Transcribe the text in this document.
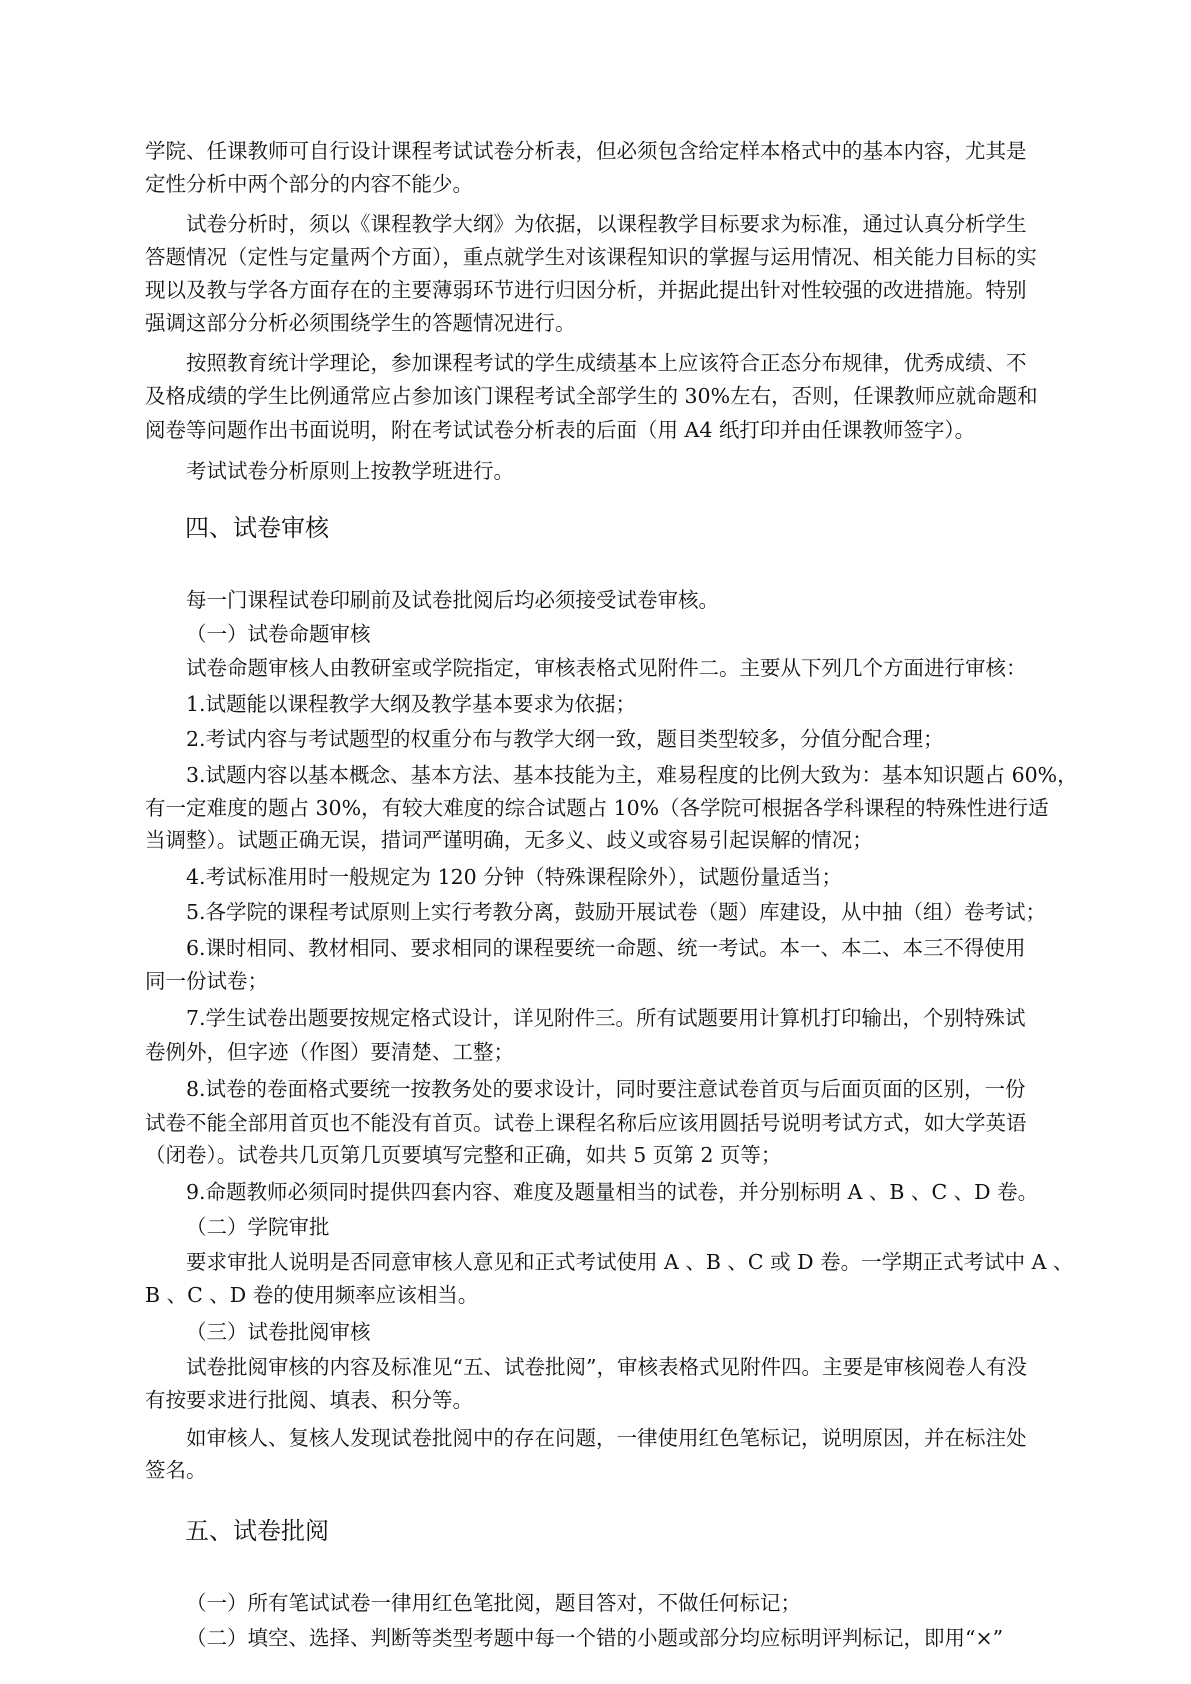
学院、任课教师可自行设计课程考试试卷分析表，但必须包含给定样本格式中的基本内容，尤其是
定性分析中两个部分的内容不能少。
试卷分析时，须以《课程教学大纲》为依据，以课程教学目标要求为标准，通过认真分析学生
答题情况（定性与定量两个方面），重点就学生对该课程知识的掌握与运用情况、相关能力目标的实
现以及教与学各方面存在的主要薄弱环节进行归因分析，并据此提出针对性较强的改进措施。特别
强调这部分分析必须围绕学生的答题情况进行。
按照教育统计学理论，参加课程考试的学生成绩基本上应该符合正态分布规律，优秀成绩、不
及格成绩的学生比例通常应占参加该门课程考试全部学生的 30%左右，否则，任课教师应就命题和
阅卷等问题作出书面说明，附在考试试卷分析表的后面（用 A4 纸打印并由任课教师签字）。
考试试卷分析原则上按教学班进行。
四、试卷审核
每一门课程试卷印刷前及试卷批阅后均必须接受试卷审核。
（一）试卷命题审核
试卷命题审核人由教研室或学院指定，审核表格式见附件二。主要从下列几个方面进行审核：
1.试题能以课程教学大纲及教学基本要求为依据；
2.考试内容与考试题型的权重分布与教学大纲一致，题目类型较多，分值分配合理；
3.试题内容以基本概念、基本方法、基本技能为主，难易程度的比例大致为：基本知识题占 60%，
有一定难度的题占 30%，有较大难度的综合试题占 10%（各学院可根据各学科课程的特殊性进行适
当调整）。试题正确无误，措词严谨明确，无多义、歧义或容易引起误解的情况；
4.考试标准用时一般规定为 120 分钟（特殊课程除外），试题份量适当；
5.各学院的课程考试原则上实行考教分离，鼓励开展试卷（题）库建设，从中抽（组）卷考试；
6.课时相同、教材相同、要求相同的课程要统一命题、统一考试。本一、本二、本三不得使用
同一份试卷；
7.学生试卷出题要按规定格式设计，详见附件三。所有试题要用计算机打印输出，个别特殊试
卷例外，但字迹（作图）要清楚、工整；
8.试卷的卷面格式要统一按教务处的要求设计，同时要注意试卷首页与后面页面的区别，一份
试卷不能全部用首页也不能没有首页。试卷上课程名称后应该用圆括号说明考试方式，如大学英语
（闭卷）。试卷共几页第几页要填写完整和正确，如共 5 页第 2 页等；
9.命题教师必须同时提供四套内容、难度及题量相当的试卷，并分别标明 A 、B 、C 、D 卷。
（二）学院审批
要求审批人说明是否同意审核人意见和正式考试使用 A 、B 、C 或 D 卷。一学期正式考试中 A 、
B 、C 、D 卷的使用频率应该相当。
（三）试卷批阅审核
试卷批阅审核的内容及标准见“五、试卷批阅”，审核表格式见附件四。主要是审核阅卷人有没
有按要求进行批阅、填表、积分等。
如审核人、复核人发现试卷批阅中的存在问题，一律使用红色笔标记，说明原因，并在标注处
签名。
五、试卷批阅
（一）所有笔试试卷一律用红色笔批阅，题目答对，不做任何标记；
（二）填空、选择、判断等类型考题中每一个错的小题或部分均应标明评判标记，即用“×”
